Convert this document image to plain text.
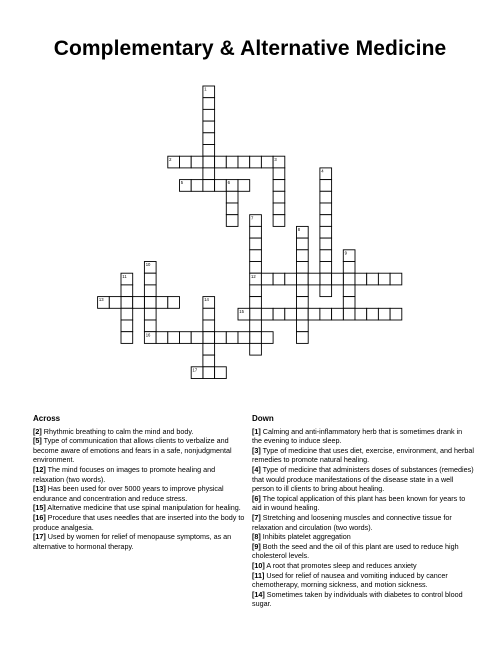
Complementary & Alternative Medicine
1
2	3
4
5	6
7
8
9
10
11	12
13	14
15
16
17
Across
[2] Rhythmic breathing to calm the mind and body.
[5] Type of communication that allows clients to verbalize and become aware of emotions and fears in a safe, nonjudgmental environment.
[12] The mind focuses on images to promote healing and relaxation (two words).
[13] Has been used for over 5000 years to improve physical endurance and concentration and reduce stress.
[15] Alternative medicine that use spinal manipulation for healing.
[16] Procedure that uses needles that are inserted into the body to produce analgesia.
[17] Used by women for relief of menopause symptoms, as an alternative to hormonal therapy.
Down
[1] Calming and anti-inflammatory herb that is sometimes drank in the evening to induce sleep.
[3] Type of medicine that uses diet, exercise, environment, and herbal remedies to promote natural healing.
[4] Type of medicine that administers doses of substances (remedies) that would produce manifestations of the disease state in a well person to ill clients to bring about healing.
[6] The topical application of this plant has been known for years to aid in wound healing.
[7] Stretching and loosening muscles and connective tissue for relaxation and circulation (two words).
[8] Inhibits platelet aggregation
[9] Both the seed and the oil of this plant are used to reduce high cholesterol levels.
[10] A root that promotes sleep and reduces anxiety
[11] Used for relief of nausea and vomiting induced by cancer chemotherapy, morning sickness, and motion sickness.
[14] Sometimes taken by individuals with diabetes to control blood sugar.
